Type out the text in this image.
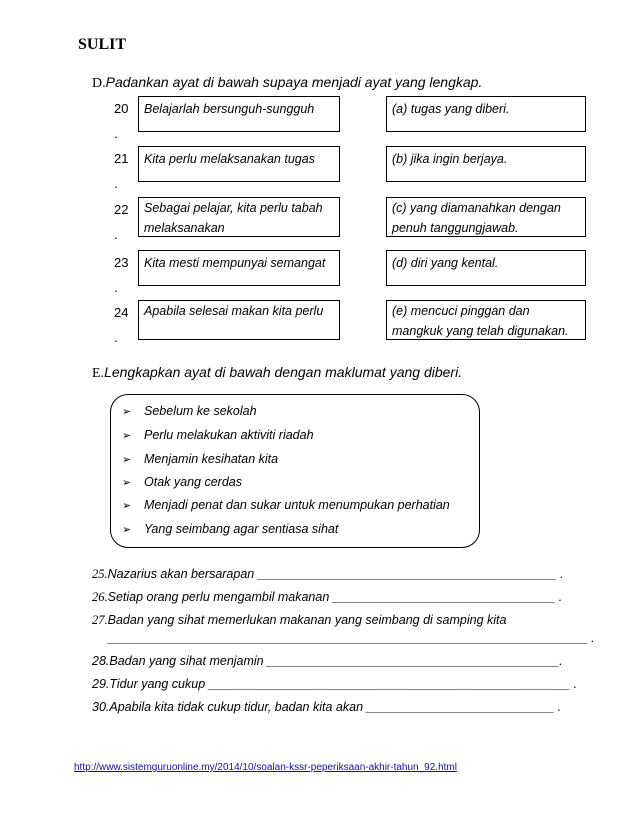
SULIT
D.Padankan ayat di bawah supaya menjadi ayat yang lengkap.
20
.
Belajarlah bersunguh-sungguh	(a) tugas yang diberi.
21
.
Kita perlu melaksanakan tugas	(b) jika ingin berjaya.
22
.
Sebagai pelajar, kita perlu tabah
melaksanakan
(c) yang diamanahkan dengan
penuh tanggungjawab.
23
.
Kita mesti mempunyai semangat	(d) diri yang kental.
24
.
Apabila selesai makan kita perlu	(e) mencuci pinggan dan
mangkuk yang telah digunakan.
E.Lengkapkan ayat di bawah dengan maklumat yang diberi.
➢ Sebelum ke sekolah
➢ Perlu melakukan aktiviti riadah
➢ Menjamin kesihatan kita
➢ Otak yang cerdas
➢ Menjadi penat dan sukar untuk menumpukan perhatian
➢ Yang seimbang agar sentiasa sihat
25.Nazarius akan bersarapan ___________________________________________ .
26.Setiap orang perlu mengambil makanan ________________________________ .
27.Badan yang sihat memerlukan makanan yang seimbang di samping kita
_____________________________________________________________________ .
28.Badan yang sihat menjamin __________________________________________.
29.Tidur yang cukup ____________________________________________________ .
30.Apabila kita tidak cukup tidur, badan kita akan ___________________________ .
http://www.sistemguruonline.my/2014/10/soalan-kssr-peperiksaan-akhir-tahun_92.html
